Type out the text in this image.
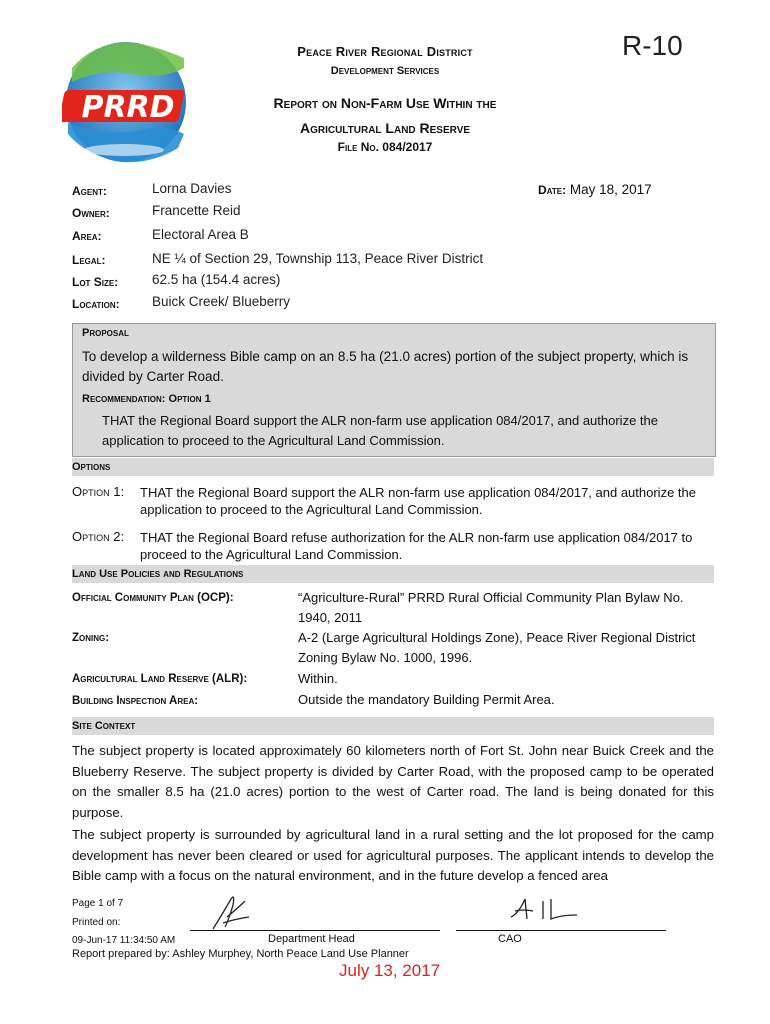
PRRD
Peace River Regional District
Development Services
Report on Non-Farm Use Within the
Agricultural Land Reserve
File No. 084/2017
R-10
Agent:	Lorna Davies
Owner:	Francette Reid
Area:	Electoral Area B
Legal:	NE ¼ of Section 29, Township 113, Peace River District
Lot Size:	62.5 ha (154.4 acres)
Location: Buick Creek/ Blueberry
Date: May 18, 2017
Proposal
To develop a wilderness Bible camp on an 8.5 ha (21.0 acres) portion of the subject property, which is divided by Carter Road.
Recommendation: Option 1
THAT the Regional Board support the ALR non-farm use application 084/2017, and authorize the application to proceed to the Agricultural Land Commission.
Options
Option 1: THAT the Regional Board support the ALR non-farm use application 084/2017, and authorize the application to proceed to the Agricultural Land Commission.
Option 2: THAT the Regional Board refuse authorization for the ALR non-farm use application 084/2017 to proceed to the Agricultural Land Commission.
Land Use Policies and Regulations
Official Community Plan (OCP):	“Agriculture-Rural” PRRD Rural Official Community Plan Bylaw No. 1940, 2011
Zoning:	A-2 (Large Agricultural Holdings Zone), Peace River Regional District Zoning Bylaw No. 1000, 1996.
Agricultural Land Reserve (ALR):	Within.
Building Inspection Area:	Outside the mandatory Building Permit Area.
Site Context
The subject property is located approximately 60 kilometers north of Fort St. John near Buick Creek and the Blueberry Reserve. The subject property is divided by Carter Road, with the proposed camp to be operated on the smaller 8.5 ha (21.0 acres) portion to the west of Carter road. The land is being donated for this purpose.
The subject property is surrounded by agricultural land in a rural setting and the lot proposed for the camp development has never been cleared or used for agricultural purposes. The applicant intends to develop the Bible camp with a focus on the natural environment, and in the future develop a fenced area
Page 1 of 7
Printed on:
09-Jun-17 11:34:50 AM	Department Head	CAO
Report prepared by: Ashley Murphey, North Peace Land Use Planner
July 13, 2017
